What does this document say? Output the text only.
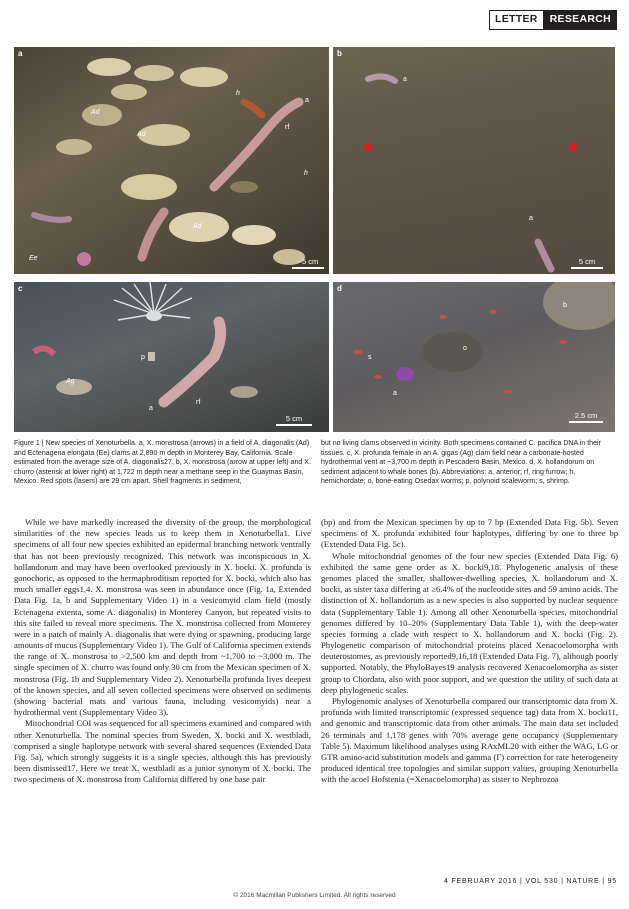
LETTER	RESEARCH
a
Ad
Ad
Ad
h
a
rf
h
Ee	~5 cm
b
a
a
5 cm
c
Ag
p
a
rf
5 cm
d
b
o
s
a
2.5 cm
Figure 1 | New species of Xenoturbella. a, X. monstrosa (arrows) in a field of A. diagonalis (Ad) and Ectenagena elongata (Ee) clams at 2,890 m depth in Monterey Bay, California. Scale estimated from the average size of A. diagonalis27. b, X. monstrosa (arrow at upper left) and X. churro (asterisk at lower right) at 1,722 m depth near a methane seep in the Guaymas Basin, Mexico. Red spots (lasers) are 29 cm apart. Shell fragments in sediment,
but no living clams observed in vicinity. Both specimens contained C. pacifica DNA in their tissues. c, X. profunda female in an A. gigas (Ag) clam field near a carbonate-hosted hydrothermal vent at ~3,700 m depth in Pescadero Basin, Mexico. d, X. hollandorum on sediment adjacent to whale bones (b). Abbreviations: a, anterior; rf, ring furrow; h, hemichordate; o, bone-eating Osedax worms; p, polynoid scaleworm; s, shrimp.

While we have markedly increased the diversity of the group, the morphological similarities of the new species leads us to keep them in Xenoturbella1. Live specimens of all four new species exhibited an epidermal branching network ventrally that has not been previously recognized. This network was inconspicuous in X. hollandorum and may have been overlooked previously in X. bocki. X. profunda is gonochoric, as opposed to the hermaphroditism reported for X. bocki, which also has much smaller eggs1,4. X. monstrosa was seen in abundance once (Fig. 1a, Extended Data Fig. 1a, b and Supplementary Video 1) in a vesicomyid clam field (mostly Ectenagena extenta, some A. diagonalis) in Monterey Canyon, but repeated visits to this site failed to reveal more specimens. The X. monstrosa collected from Monterey were in a patch of mainly A. diagonalis that were dying or spawning, producing large amounts of mucus (Supplementary Video 1). The Gulf of California specimen extends the range of X. monstrosa to >2,500 km and depth from ~1,700 to ~3,000 m. The single specimen of X. churro was found only 30 cm from the Mexican specimen of X. monstrosa (Fig. 1b and Supplementary Video 2). Xenoturbella profunda lives deepest of the known species, and all seven collected specimens were observed on sediments (showing bacterial mats and various fauna, including vesicomyids) near a hydrothermal vent (Supplementary Video 3).

Mitochondrial COI was sequenced for all specimens examined and compared with other Xenoturbella. The nominal species from Sweden, X. bocki and X. westbladi, comprised a single haplotype network with several shared sequences (Extended Data Fig. 5a), which strongly suggests it is a single species, although this has previously been dismissed17. Here we treat X. westbladi as a junior synonym of X. bocki. The two specimens of X. monstrosa from California differed by one base pair

(bp) and from the Mexican specimen by up to 7 bp (Extended Data Fig. 5b). Seven specimens of X. profunda exhibited four haplotypes, differing by one to three bp (Extended Data Fig. 5c).

Whole mitochondrial genomes of the four new species (Extended Data Fig. 6) exhibited the same gene order as X. bocki9,18. Phylogenetic analysis of these genomes placed the smaller, shallower-dwelling species, X. hollandorum and X. bocki, as sister taxa differing at ≥6.4% of the nucleotide sites and 59 amino acids. The distinction of X. hollandorum as a new species is also supported by nuclear sequence data (Supplementary Table 1). Among all other Xenoturbella species, mitochondrial genomes differed by 10–20% (Supplementary Data Table 1), with the deep-water species forming a clade with respect to X. hollandorum and X. bocki (Fig. 2). Phylogenetic comparison of mitochondrial proteins placed Xenacoelomorpha with deuterostomes, as previously reported9,16,18 (Extended Data Fig. 7), although poorly supported. Notably, the PhyloBayes19 analysis recovered Xenacoelomorpha as sister group to Chordata, also with poor support, and we question the utility of such data at deep phylogenetic scales.

Phylogenomic analyses of Xenoturbella compared our transcriptomic data from X. profunda with limited transcriptomic (expressed sequence tag) data from X. bocki11, and genomic and transcriptomic data from other animals. The main data set included 26 terminals and 1,178 genes with 70% average gene occupancy (Supplementary Table 5). Maximum likelihood analyses using RAxML20 with either the WAG, LG or GTR amino-acid substitution models and gamma (Γ) correction for rate heterogeneity produced identical tree topologies and similar support values, grouping Xenoturbella with the acoel Hofstenia (=Xenacoelomorpha) as sister to Nephrozoa

4 FEBRUARY 2016 | VOL 530 | NATURE | 95
© 2016 Macmillan Publishers Limited. All rights reserved
